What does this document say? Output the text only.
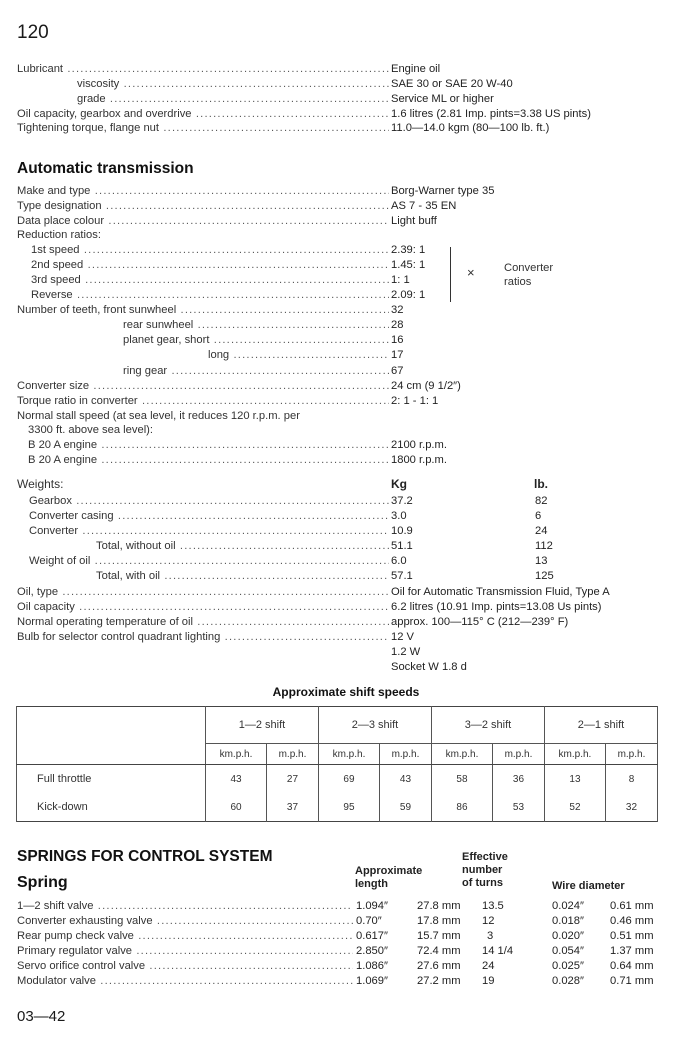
120
Lubricant .....	Engine oil
viscosity .....	SAE 30 or SAE 20 W-40
grade .....	Service ML or higher
Oil capacity, gearbox and overdrive .....	1.6 litres (2.81 Imp. pints=3.38 US pints)
Tightening torque, flange nut .....	11.0—14.0 kgm (80—100 lb. ft.)
Automatic transmission
Make and type .....	Borg-Warner type 35
Type designation .....	AS 7 - 35 EN
Data place colour .....	Light buff
Reduction ratios:
1st speed .....	2.39: 1
2nd speed .....	1.45: 1
3rd speed .....	1: 1
Reverse .....	2.09: 1
×	Converter
ratios
Number of teeth, front sunwheel .....	32
rear sunwheel .....	28
planet gear, short .....	16
long .....	17
ring gear .....	67
Converter size .....	24 cm (9 1/2″)
Torque ratio in converter .....	2: 1 - 1: 1
Normal stall speed (at sea level, it reduces 120 r.p.m. per
3300 ft. above sea level):
B 20 A engine .....	2100 r.p.m.
B 20 A engine .....	1800 r.p.m.
Weights:	Kg	lb.
Gearbox .....	37.2	82
Converter casing .....	3.0	6
Converter .....	10.9	24
Total, without oil .....	51.1	112
Weight of oil .....	6.0	13
Total, with oil .....	57.1	125
Oil, type .....	Oil for Automatic Transmission Fluid, Type A
Oil capacity .....	6.2 litres (10.91 Imp. pints=13.08 Us pints)
Normal operating temperature of oil .....	approx. 100—115° C (212—239° F)
Bulb for selector control quadrant lighting .....	12 V
1.2 W
Socket W 1.8 d
Approximate shift speeds
	1—2 shift		2—3 shift		3—2 shift		2—1 shift	
	km.p.h.	m.p.h.	km.p.h.	m.p.h.	km.p.h.	m.p.h.	km.p.h.	m.p.h.
Full throttle	43	27	69	43	58	36	13	8
Kick-down	60	37	95	59	86	53	52	32
SPRINGS FOR CONTROL SYSTEM
Spring
Approximate
length
Effective
number
of turns	Wire diameter
1—2 shift valve .....	1.094″	27.8 mm 13.5	0.024″ 0.61 mm
Converter exhausting valve .....	0.70″	17.8 mm 12	0.018″ 0.46 mm
Rear pump check valve .....	0.617″	15.7 mm 3	0.020″ 0.51 mm
Primary regulator valve .....	2.850″	72.4 mm 14 1/4	0.054″ 1.37 mm
Servo orifice control valve .....	1.086″	27.6 mm 24	0.025″ 0.64 mm
Modulator valve .....	1.069″	27.2 mm 19	0.028″ 0.71 mm
03—42
